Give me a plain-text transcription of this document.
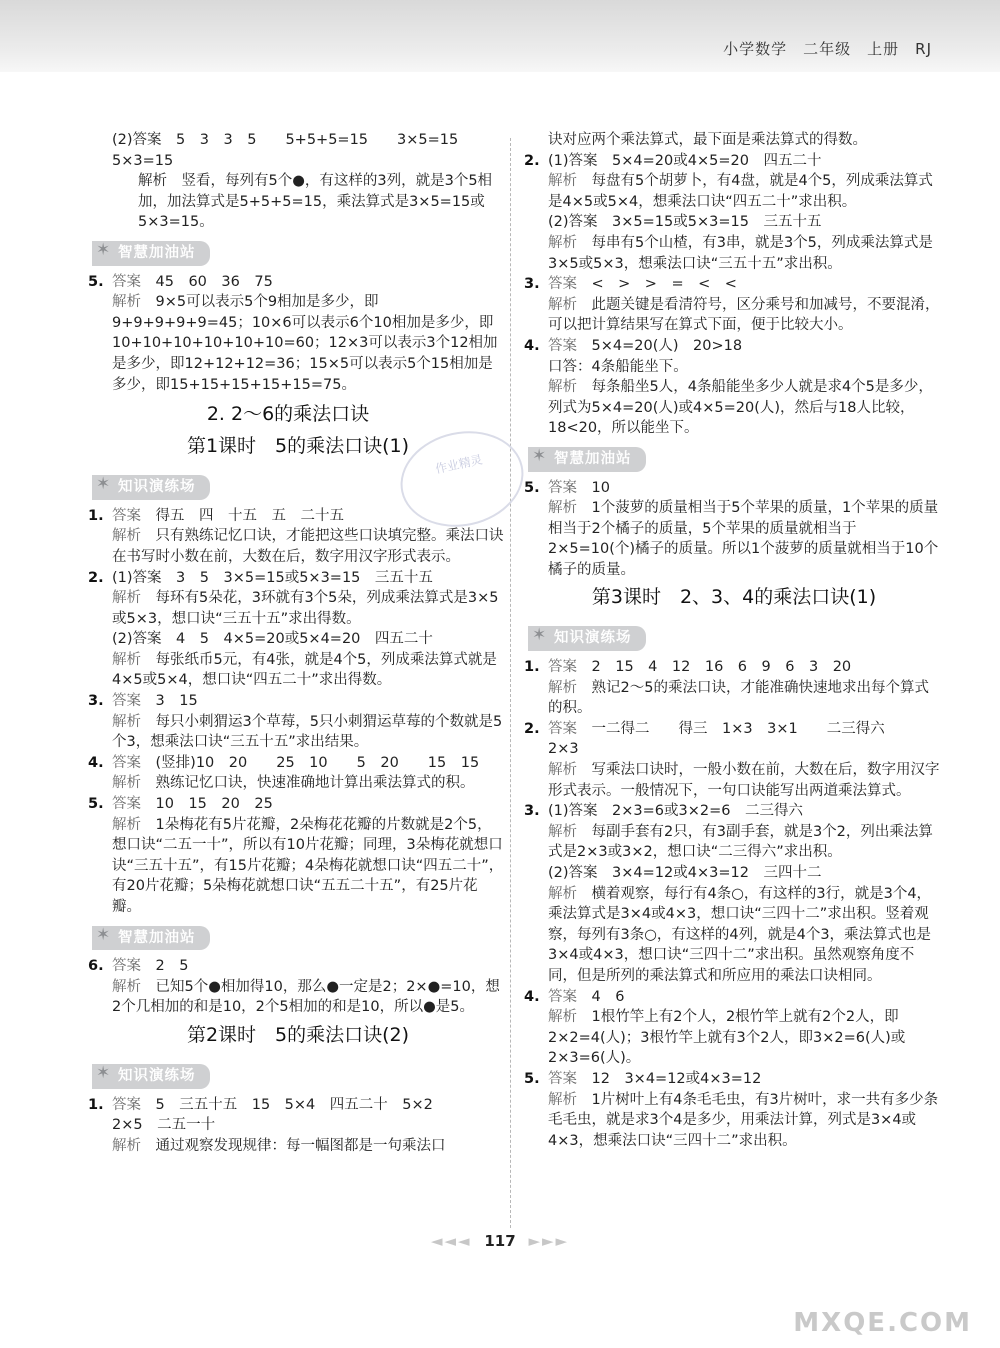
小学数学　二年级　上册　RJ

作业精灵
(2)答案　5　3　3　5　　5+5+5=15　　3×5=15
5×3=15
解析　竖看，每列有5个●，有这样的3列，就是3个5相加，加法算式是5+5+5=15，乘法算式是3×5=15或5×3=15。
✶ 智慧加油站
5. 答案　 45　60　36　75
解析　 9×5可以表示5个9相加是多少，即9+9+9+9+9=45；10×6可以表示6个10相加是多少，即10+10+10+10+10+10=60；12×3可以表示3个12相加是多少，即12+12+12=36；15×5可以表示5个15相加是多少，即15+15+15+15+15=75。
2. 2～6的乘法口诀
第1课时　5的乘法口诀(1)
✶ 知识演练场
1. 答案　 得五　四　十五　五　二十五
解析　 只有熟练记忆口诀，才能把这些口诀填完整。乘法口诀在书写时小数在前，大数在后，数字用汉字形式表示。
2. (1)答案　3　5　3×5=15或5×3=15　三五十五
解析　 每环有5朵花，3环就有3个5朵，列成乘法算式是3×5或5×3，想口诀“三五十五”求出得数。
(2)答案　4　5　4×5=20或5×4=20　四五二十
解析　 每张纸币5元，有4张，就是4个5，列成乘法算式就是4×5或5×4，想口诀“四五二十”求出得数。
3. 答案　 3　15
解析　 每只小刺猬运3个草莓，5只小刺猬运草莓的个数就是5个3，想乘法口诀“三五十五”求出结果。
4. 答案　 (竖排)10　20　　25　10　　5　20　　15　15
解析　 熟练记忆口诀，快速准确地计算出乘法算式的积。
5. 答案　 10　15　20　25
解析　 1朵梅花有5片花瓣，2朵梅花花瓣的片数就是2个5，想口诀“二五一十”，所以有10片花瓣；同理，3朵梅花就想口诀“三五十五”，有15片花瓣；4朵梅花就想口诀“四五二十”，有20片花瓣；5朵梅花就想口诀“五五二十五”，有25片花瓣。
✶ 智慧加油站
6. 答案　 2　5
解析　 已知5个●相加得10，那么●一定是2；2×●=10，想2个几相加的和是10，2个5相加的和是10，所以●是5。
第2课时　5的乘法口诀(2)
✶ 知识演练场
1. 答案　 5　三五十五　15　5×4　四五二十　5×2
2×5　二五一十
解析　 通过观察发现规律：每一幅图都是一句乘法口
诀对应两个乘法算式，最下面是乘法算式的得数。
2. (1)答案　5×4=20或4×5=20　四五二十
解析　 每盘有5个胡萝卜，有4盘，就是4个5，列成乘法算式是4×5或5×4，想乘法口诀“四五二十”求出积。
(2)答案　3×5=15或5×3=15　三五十五
解析　 每串有5个山楂，有3串，就是3个5，列成乘法算式是3×5或5×3，想乘法口诀“三五十五”求出积。
3. 答案　 <　>　>　=　<　<
解析　 此题关键是看清符号，区分乘号和加减号，不要混淆，可以把计算结果写在算式下面，便于比较大小。
4. 答案　 5×4=20(人)　20>18
口答：4条船能坐下。
解析　 每条船坐5人，4条船能坐多少人就是求4个5是多少，列式为5×4=20(人)或4×5=20(人)，然后与18人比较，18<20，所以能坐下。
✶ 智慧加油站
5. 答案　 10
解析　 1个菠萝的质量相当于5个苹果的质量，1个苹果的质量相当于2个橘子的质量，5个苹果的质量就相当于2×5=10(个)橘子的质量。所以1个菠萝的质量就相当于10个橘子的质量。
第3课时　2、3、4的乘法口诀(1)
✶ 知识演练场
1. 答案　 2　15　4　12　16　6　9　6　3　20
解析　 熟记2～5的乘法口诀，才能准确快速地求出每个算式的积。
2. 答案　 一二得二　　得三　1×3　3×1　　二三得六
2×3
解析　 写乘法口诀时，一般小数在前，大数在后，数字用汉字形式表示。一般情况下，一句口诀能写出两道乘法算式。
3. (1)答案　2×3=6或3×2=6　二三得六
解析　 每副手套有2只，有3副手套，就是3个2，列出乘法算式是2×3或3×2，想口诀“二三得六”求出积。
(2)答案　3×4=12或4×3=12　三四十二
解析　 横着观察，每行有4条○，有这样的3行，就是3个4，乘法算式是3×4或4×3，想口诀“三四十二”求出积。竖着观察，每列有3条○，有这样的4列，就是4个3，乘法算式也是3×4或4×3，想口诀“三四十二”求出积。虽然观察角度不同，但是所列的乘法算式和所应用的乘法口诀相同。
4. 答案　 4　6
解析　 1根竹竿上有2个人，2根竹竿上就有2个2人，即2×2=4(人)；3根竹竿上就有3个2人，即3×2=6(人)或2×3=6(人)。
5. 答案　 12　3×4=12或4×3=12
解析　 1片树叶上有4条毛毛虫，有3片树叶，求一共有多少条毛毛虫，就是求3个4是多少，用乘法计算，列式是3×4或4×3，想乘法口诀“三四十二”求出积。
◄◄◄ 117 ►►►
MXQE.COM
